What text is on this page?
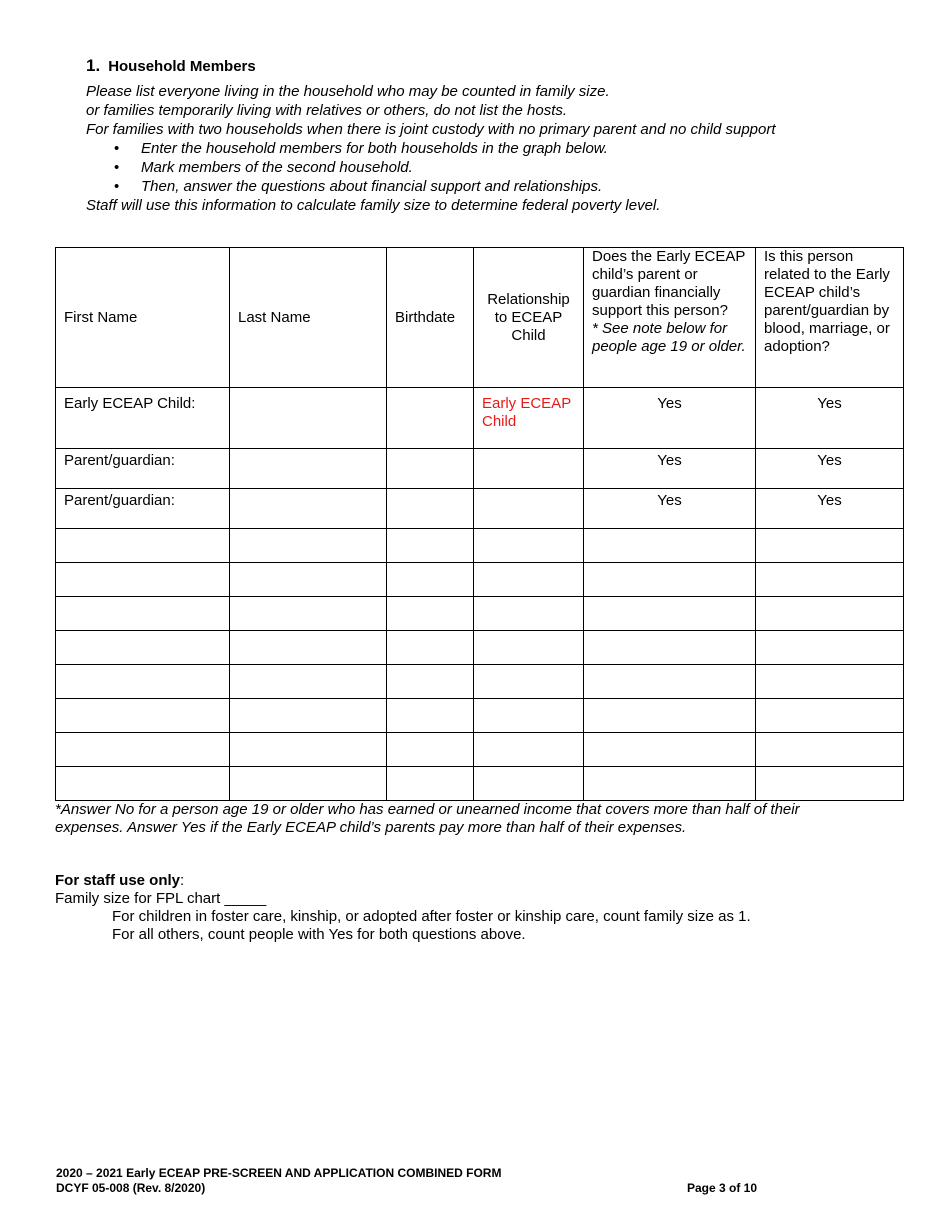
1. Household Members

Please list everyone living in the household who may be counted in family size.

or families temporarily living with relatives or others, do not list the hosts.

For families with two households when there is joint custody with no primary parent and no child support

• Enter the household members for both households in the graph below.
• Mark members of the second household.
• Then, answer the questions about financial support and relationships.

Staff will use this information to calculate family size to determine federal poverty level.

First Name	Last Name	Birthdate	Relationship to ECEAP Child	Does the Early ECEAP child’s parent or guardian financially support this person?
* See note below for people age 19 or older.	Is this person related to the Early ECEAP child’s parent/guardian by blood, marriage, or adoption?
Early ECEAP Child:			Early ECEAP Child	Yes	Yes
Parent/guardian:				Yes	Yes
Parent/guardian:				Yes	Yes

*Answer No for a person age 19 or older who has earned or unearned income that covers more than half of their

expenses. Answer Yes if the Early ECEAP child’s parents pay more than half of their expenses.

For staff use only:

Family size for FPL chart _____

For children in foster care, kinship, or adopted after foster or kinship care, count family size as 1.

For all others, count people with Yes for both questions above.

2020 – 2021 Early ECEAP PRE-SCREEN AND APPLICATION COMBINED FORM

DCYF 05-008 (Rev. 8/2020)	Page 3 of 10
